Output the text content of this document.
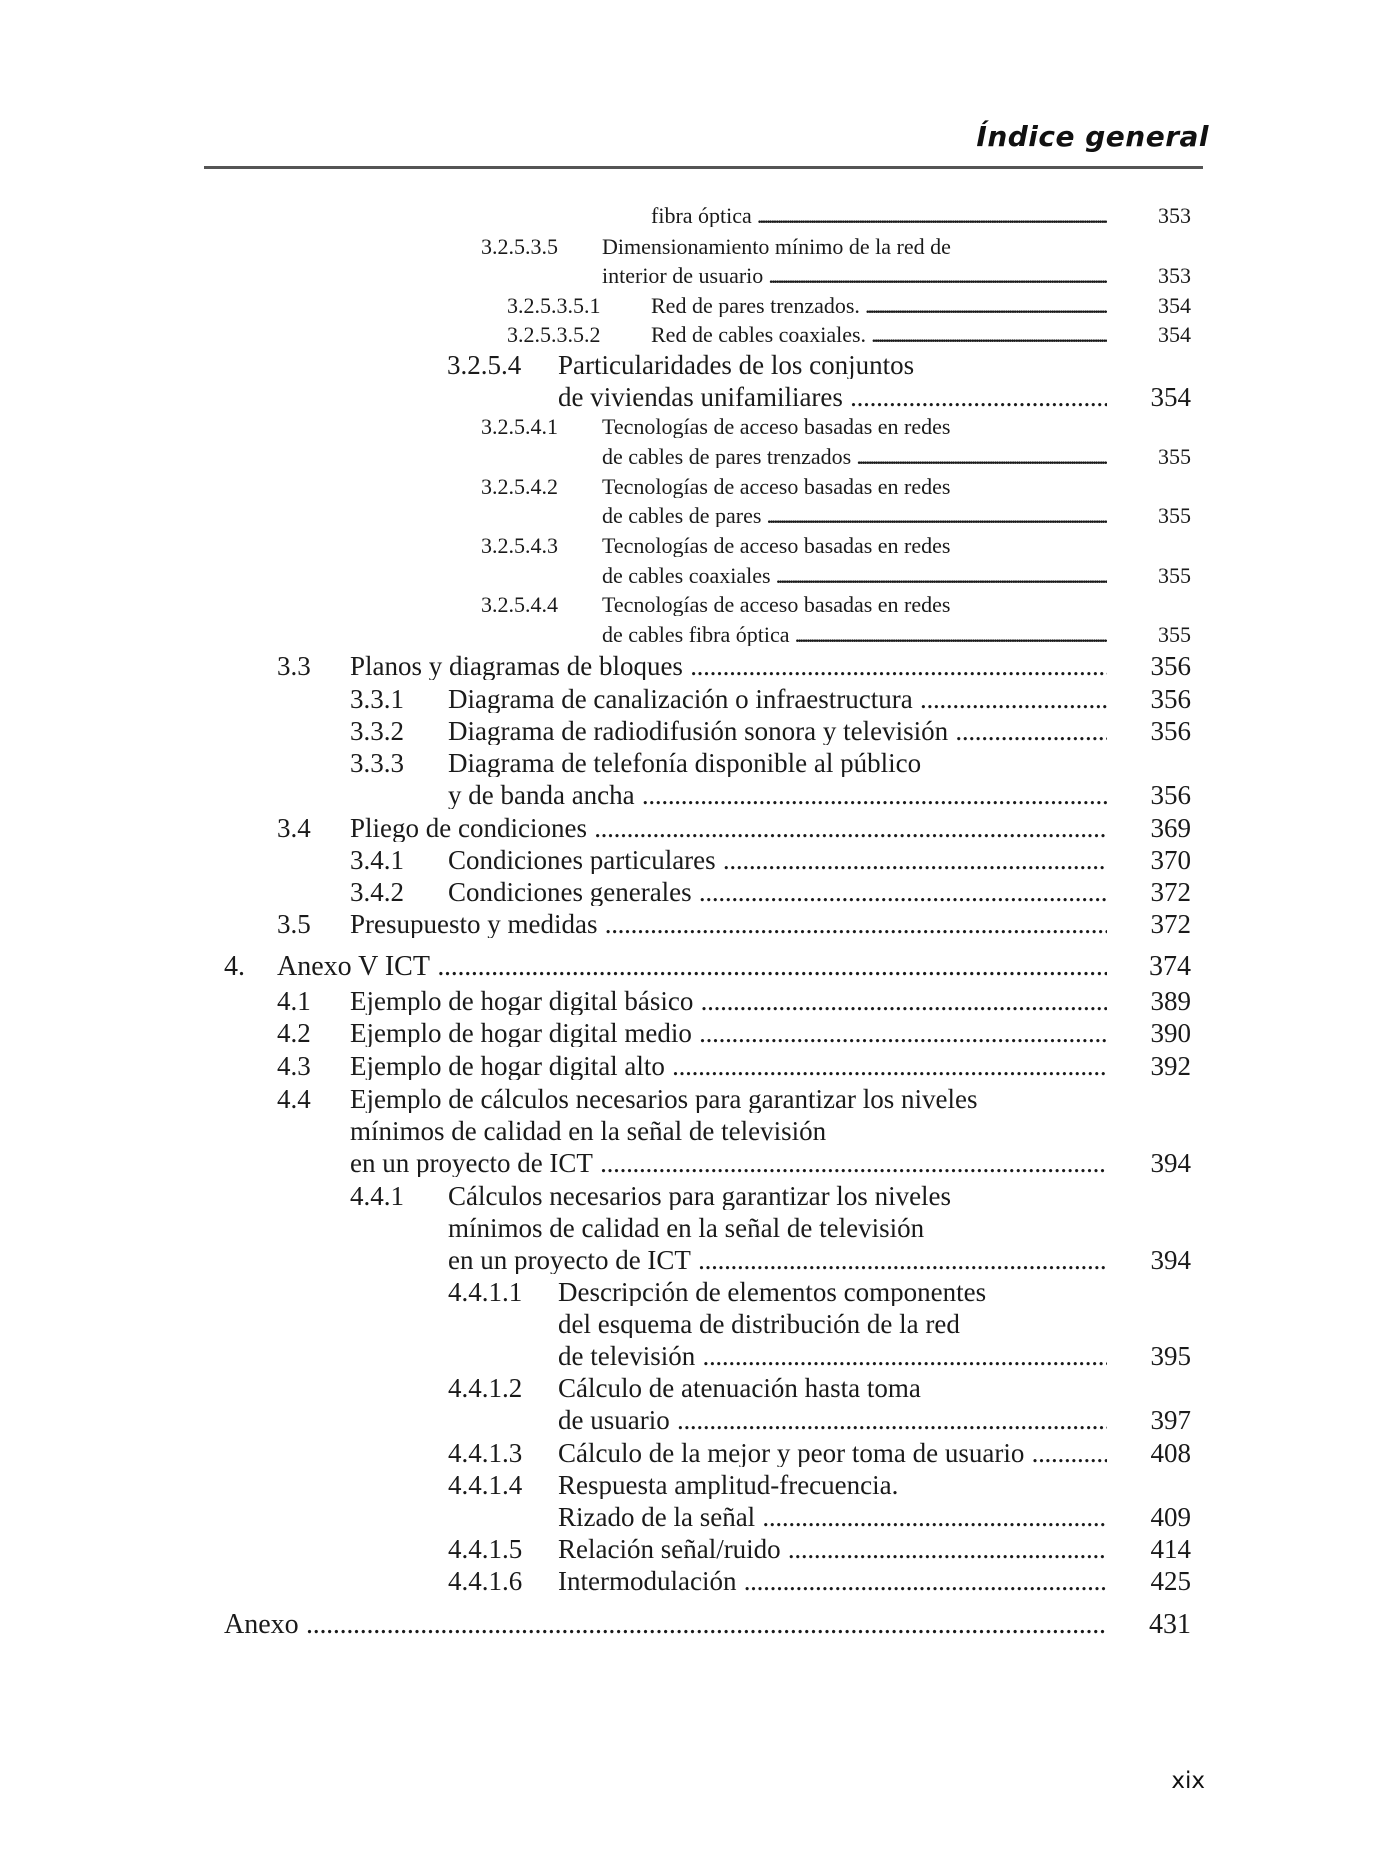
Índice general
fibra óptica . . .	353
3.2.5.3.5 Dimensionamiento mínimo de la red de
interior de usuario . . .	353
3.2.5.3.5.1 Red de pares trenzados. . . .	354
3.2.5.3.5.2 Red de cables coaxiales. . . .	354
3.2.5.4 Particularidades de los conjuntos
de viviendas unifamiliares . . .	354
3.2.5.4.1 Tecnologías de acceso basadas en redes
de cables de pares trenzados . . .	355
3.2.5.4.2 Tecnologías de acceso basadas en redes
de cables de pares . . .	355
3.2.5.4.3 Tecnologías de acceso basadas en redes
de cables coaxiales . . .	355
3.2.5.4.4 Tecnologías de acceso basadas en redes
de cables fibra óptica . . .	355
3.3 Planos y diagramas de bloques . . .	356
3.3.1 Diagrama de canalización o infraestructura . . .	356
3.3.2 Diagrama de radiodifusión sonora y televisión . . .	356
3.3.3 Diagrama de telefonía disponible al público
y de banda ancha . . .	356
3.4 Pliego de condiciones . . .	369
3.4.1 Condiciones particulares . . .	370
3.4.2 Condiciones generales . . .	372
3.5 Presupuesto y medidas . . .	372
4. Anexo V ICT . . .	374
4.1 Ejemplo de hogar digital básico . . .	389
4.2 Ejemplo de hogar digital medio . . .	390
4.3 Ejemplo de hogar digital alto . . .	392
4.4 Ejemplo de cálculos necesarios para garantizar los niveles
mínimos de calidad en la señal de televisión
en un proyecto de ICT . . .	394
4.4.1 Cálculos necesarios para garantizar los niveles
mínimos de calidad en la señal de televisión
en un proyecto de ICT . . .	394
4.4.1.1 Descripción de elementos componentes
del esquema de distribución de la red
de televisión . . .	395
4.4.1.2 Cálculo de atenuación hasta toma
de usuario . . .	397
4.4.1.3 Cálculo de la mejor y peor toma de usuario . . .	408
4.4.1.4 Respuesta amplitud-frecuencia.
Rizado de la señal . . .	409
4.4.1.5 Relación señal/ruido . . .	414
4.4.1.6 Intermodulación . . .	425
Anexo . . .	431
xix
